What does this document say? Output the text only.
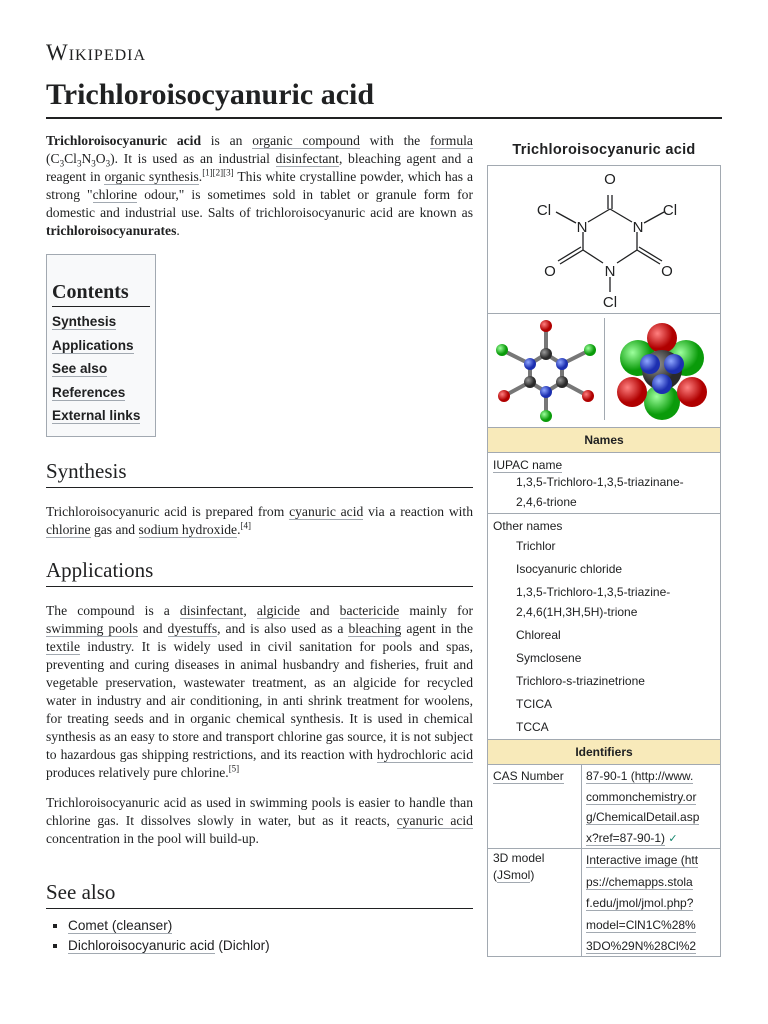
Wikipedia
Trichloroisocyanuric acid

Trichloroisocyanuric acid is an organic compound with the formula $(C_3Cl_3N_3O_3)$. It is used as an industrial disinfectant, bleaching agent and a reagent in organic synthesis.[1][2][3] This white crystalline powder, which has a strong "chlorine odour," is sometimes sold in tablet or granule form for domestic and industrial use. Salts of trichloroisocyanuric acid are known as trichloroisocyanurates.

Contents
Synthesis
Applications
See also
References
External links
Synthesis

Trichloroisocyanuric acid is prepared from cyanuric acid via a reaction with chlorine gas and sodium hydroxide.[4]

Applications

The compound is a disinfectant, algicide and bactericide mainly for swimming pools and dyestuffs, and is also used as a bleaching agent in the textile industry. It is widely used in civil sanitation for pools and spas, preventing and curing diseases in animal husbandry and fisheries, fruit and vegetable preservation, wastewater treatment, as an algicide for recycled water in industry and air conditioning, in anti shrink treatment for woolens, for treating seeds and in organic chemical synthesis. It is used in chemical synthesis as an easy to store and transport chlorine gas source, it is not subject to hazardous gas shipping restrictions, and its reaction with hydrochloric acid produces relatively pure chlorine.[5]

Trichloroisocyanuric acid as used in swimming pools is easier to handle than chlorine gas. It dissolves slowly in water, but as it reacts, cyanuric acid concentration in the pool will build-up.

See also
▪ Comet (cleanser)
▪ Dichloroisocyanuric acid (Dichlor)
Trichloroisocyanuric acid
O
N	N
Cl	Cl
O	O
N
Cl
Names
IUPAC name
1,3,5-Trichloro-1,3,5-triazinane-
2,4,6-trione
Other names
Trichlor
Isocyanuric chloride
1,3,5-Trichloro-1,3,5-triazine-
2,4,6(1H,3H,5H)-trione
Chloreal
Symclosene
Trichloro-s-triazinetrione
TCICA
TCCA
Identifiers
CAS Number 87-90-1 (http://www.
commonchemistry.or
g/ChemicalDetail.asp
x?ref=87-90-1) ✓
3D model
(JSmol)
Interactive image (htt
ps://chemapps.stola
f.edu/jmol/jmol.php?
model=ClN1C%28%
3DO%29N%28Cl%2
